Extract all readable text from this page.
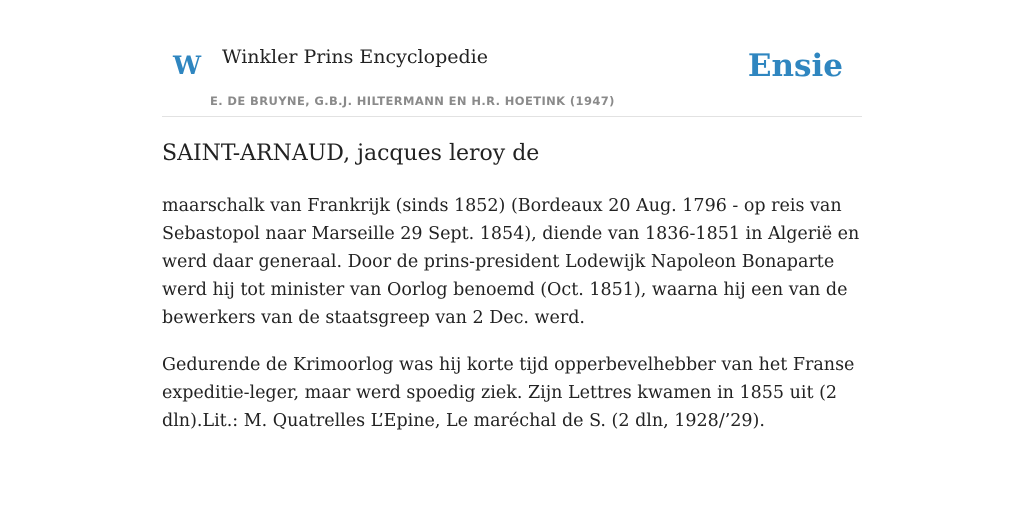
W Winkler Prins Encyclopedie
E. DE BRUYNE, G.B.J. HILTERMANN EN H.R. HOETINK (1947)
Ensie
SAINT-ARNAUD, jacques leroy de

maarschalk van Frankrijk (sinds 1852) (Bordeaux 20 Aug. 1796 - op reis van Sebastopol naar Marseille 29 Sept. 1854), diende van 1836-1851 in Algerië en werd daar generaal. Door de prins-president Lodewijk Napoleon Bonaparte werd hij tot minister van Oorlog benoemd (Oct. 1851), waarna hij een van de bewerkers van de staatsgreep van 2 Dec. werd.

Gedurende de Krimoorlog was hij korte tijd opperbevelhebber van het Franse expeditie-leger, maar werd spoedig ziek. Zijn Lettres kwamen in 1855 uit (2 dln).Lit.: M. Quatrelles L’Epine, Le maréchal de S. (2 dln, 1928/’29).
